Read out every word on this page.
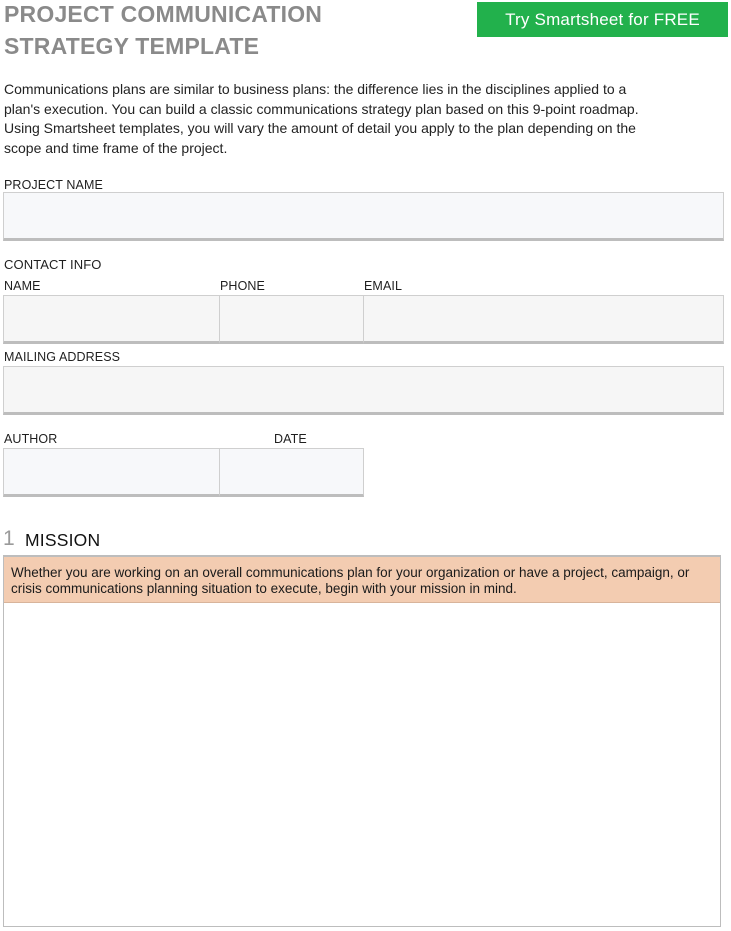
PROJECT COMMUNICATION STRATEGY TEMPLATE
Try Smartsheet for FREE

Communications plans are similar to business plans: the difference lies in the disciplines applied to a plan's execution. You can build a classic communications strategy plan based on this 9-point roadmap. Using Smartsheet templates, you will vary the amount of detail you apply to the plan depending on the scope and time frame of the project.

PROJECT NAME
CONTACT INFO
NAME	PHONE	EMAIL
MAILING ADDRESS
AUTHOR	DATE
1 MISSION
Whether you are working on an overall communications plan for your organization or have a project, campaign, or crisis communications planning situation to execute, begin with your mission in mind.
